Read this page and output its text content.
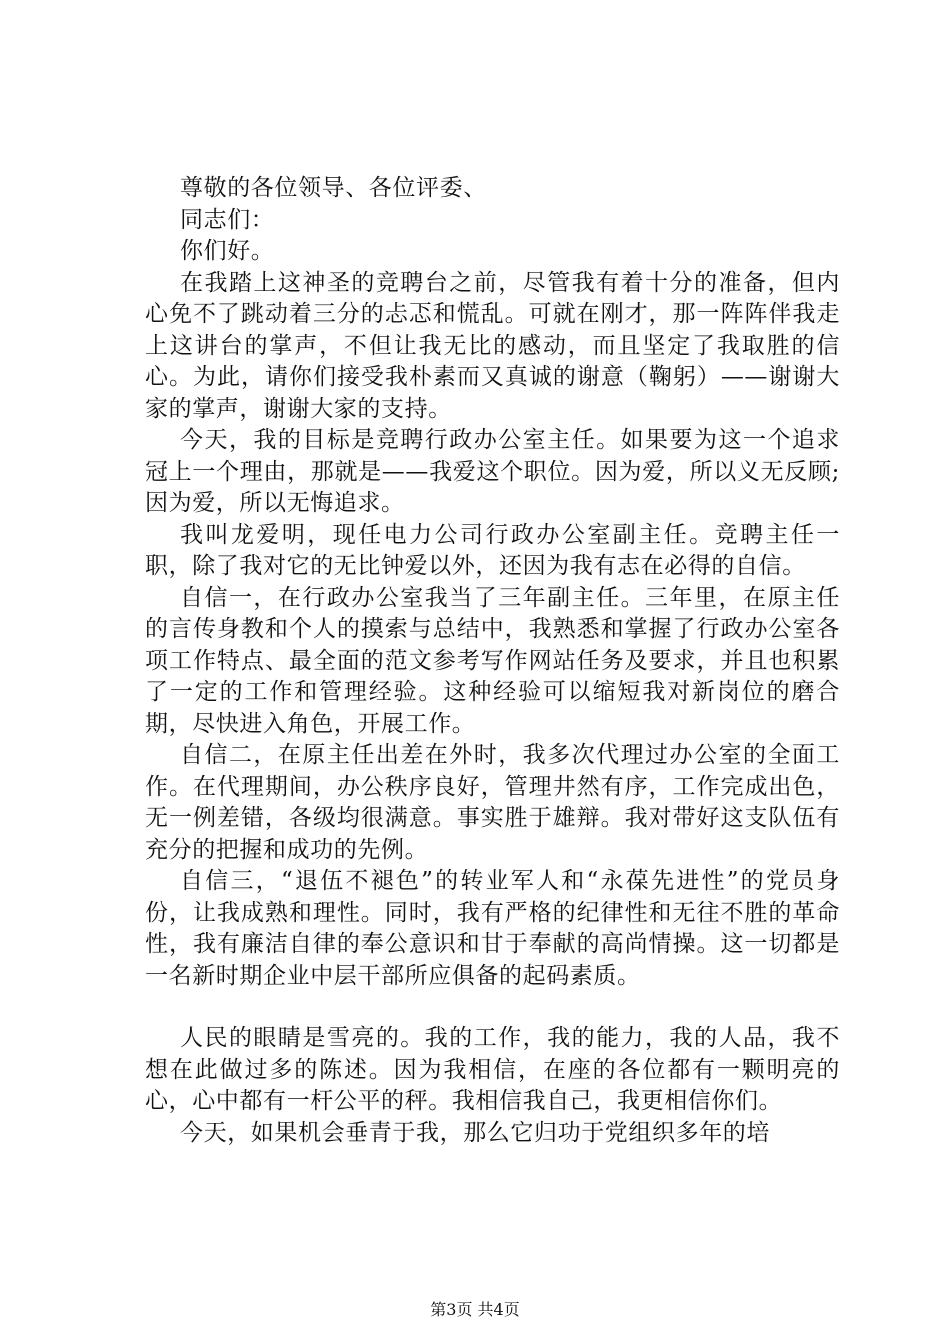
尊敬的各位领导、各位评委、

同志们：

你们好。

在我踏上这神圣的竞聘台之前，尽管我有着十分的准备，但内心免不了跳动着三分的忐忑和慌乱。可就在刚才，那一阵阵伴我走上这讲台的掌声，不但让我无比的感动，而且坚定了我取胜的信心。为此，请你们接受我朴素而又真诚的谢意（鞠躬）——谢谢大家的掌声，谢谢大家的支持。

今天，我的目标是竞聘行政办公室主任。如果要为这一个追求冠上一个理由，那就是——我爱这个职位。因为爱，所以义无反顾;因为爱，所以无悔追求。

我叫龙爱明，现任电力公司行政办公室副主任。竞聘主任一职，除了我对它的无比钟爱以外，还因为我有志在必得的自信。

自信一，在行政办公室我当了三年副主任。三年里，在原主任的言传身教和个人的摸索与总结中，我熟悉和掌握了行政办公室各项工作特点、最全面的范文参考写作网站任务及要求，并且也积累了一定的工作和管理经验。这种经验可以缩短我对新岗位的磨合期，尽快进入角色，开展工作。

自信二，在原主任出差在外时，我多次代理过办公室的全面工作。在代理期间，办公秩序良好，管理井然有序，工作完成出色，无一例差错，各级均很满意。事实胜于雄辩。我对带好这支队伍有充分的把握和成功的先例。

自信三，“退伍不褪色”的转业军人和“永葆先进性”的党员身份，让我成熟和理性。同时，我有严格的纪律性和无往不胜的革命性，我有廉洁自律的奉公意识和甘于奉献的高尚情操。这一切都是一名新时期企业中层干部所应俱备的起码素质。

人民的眼睛是雪亮的。我的工作，我的能力，我的人品，我不想在此做过多的陈述。因为我相信，在座的各位都有一颗明亮的心，心中都有一杆公平的秤。我相信我自己，我更相信你们。

今天，如果机会垂青于我，那么它归功于党组织多年的培

第3页 共4页
